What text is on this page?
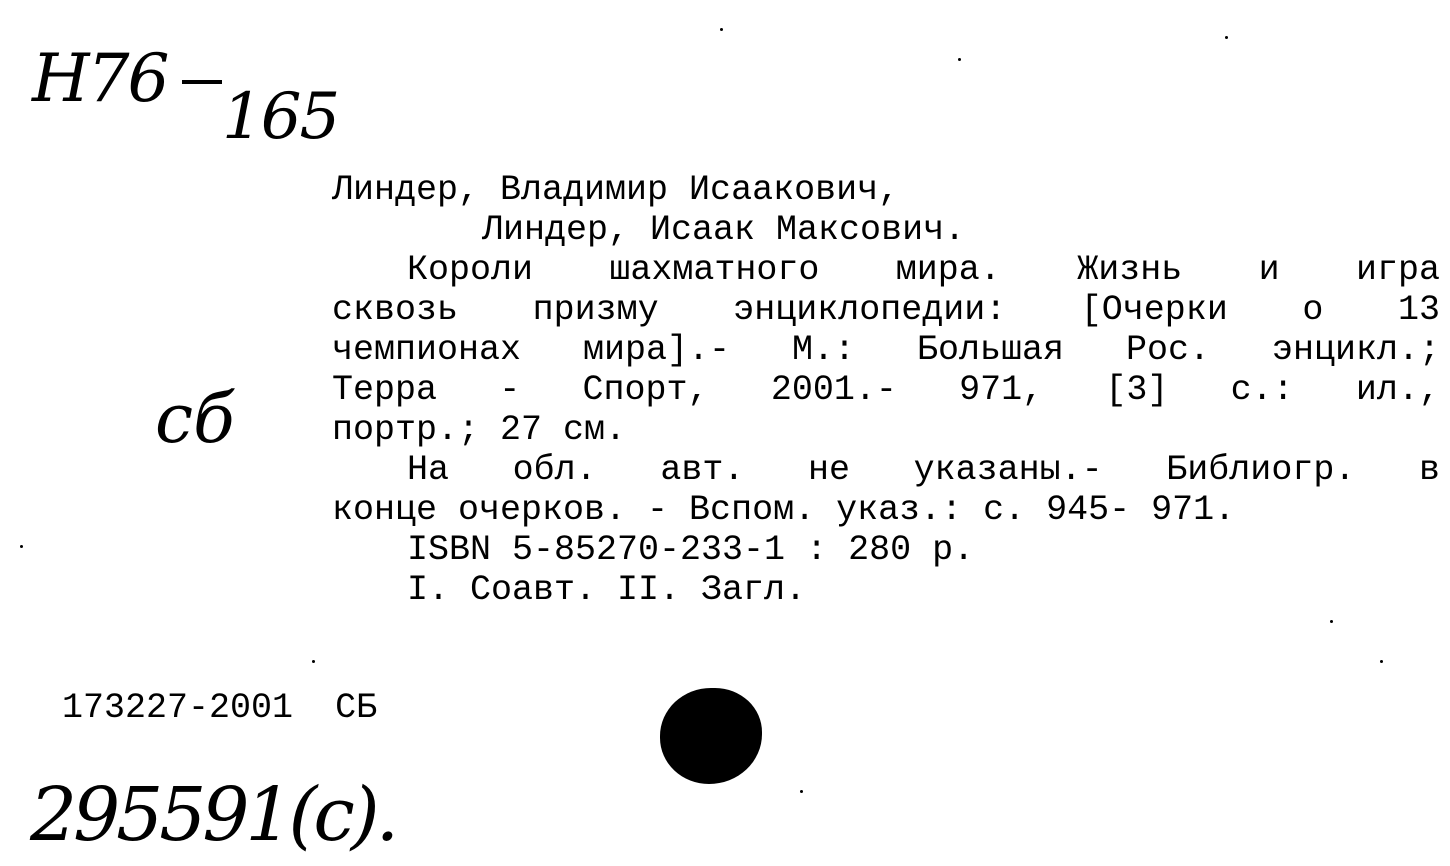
Н76 165
сб
Линдер, Владимир Исаакович,
Линдер, Исаак Максович.
Короли шахматного мира. Жизнь и игра
сквозь призму энциклопедии: [Очерки о 13
чемпионах мира].- М.: Большая Рос. энцикл.;
Терра - Спорт, 2001.- 971, [3] с.: ил.,
портр.; 27 см.
На обл. авт. не указаны.- Библиогр. в
конце очерков. - Вспом. указ.: с. 945- 971.
ISBN 5-85270-233-1 : 280 р.
I. Соавт. II. Загл.
173227-2001 СБ
295591(с).
